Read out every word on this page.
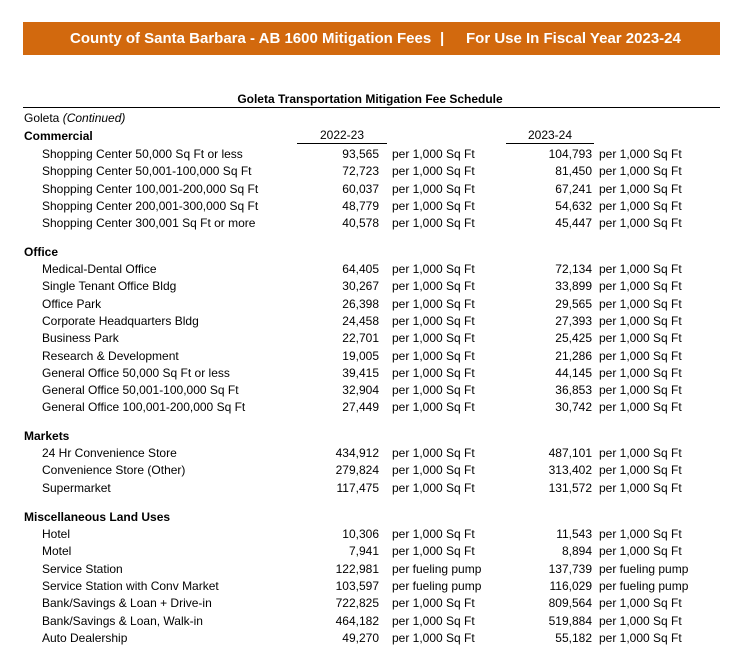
County of Santa Barbara - AB 1600 Mitigation Fees | For Use In Fiscal Year 2023-24
Goleta Transportation Mitigation Fee Schedule
Goleta (Continued)
2022-23	2023-24
Commercial
Shopping Center 50,000 Sq Ft or less	93,565 per 1,000 Sq Ft	104,793 per 1,000 Sq Ft
Shopping Center 50,001-100,000 Sq Ft	72,723 per 1,000 Sq Ft	81,450 per 1,000 Sq Ft
Shopping Center 100,001-200,000 Sq Ft	60,037 per 1,000 Sq Ft	67,241 per 1,000 Sq Ft
Shopping Center 200,001-300,000 Sq Ft	48,779 per 1,000 Sq Ft	54,632 per 1,000 Sq Ft
Shopping Center 300,001 Sq Ft or more	40,578 per 1,000 Sq Ft	45,447 per 1,000 Sq Ft
Office
Medical-Dental Office	64,405 per 1,000 Sq Ft	72,134 per 1,000 Sq Ft
Single Tenant Office Bldg	30,267 per 1,000 Sq Ft	33,899 per 1,000 Sq Ft
Office Park	26,398 per 1,000 Sq Ft	29,565 per 1,000 Sq Ft
Corporate Headquarters Bldg	24,458 per 1,000 Sq Ft	27,393 per 1,000 Sq Ft
Business Park	22,701 per 1,000 Sq Ft	25,425 per 1,000 Sq Ft
Research & Development	19,005 per 1,000 Sq Ft	21,286 per 1,000 Sq Ft
General Office 50,000 Sq Ft or less	39,415 per 1,000 Sq Ft	44,145 per 1,000 Sq Ft
General Office 50,001-100,000 Sq Ft	32,904 per 1,000 Sq Ft	36,853 per 1,000 Sq Ft
General Office 100,001-200,000 Sq Ft	27,449 per 1,000 Sq Ft	30,742 per 1,000 Sq Ft
Markets
24 Hr Convenience Store	434,912 per 1,000 Sq Ft	487,101 per 1,000 Sq Ft
Convenience Store (Other)	279,824 per 1,000 Sq Ft	313,402 per 1,000 Sq Ft
Supermarket	117,475 per 1,000 Sq Ft	131,572 per 1,000 Sq Ft
Miscellaneous Land Uses
Hotel	10,306 per 1,000 Sq Ft	11,543 per 1,000 Sq Ft
Motel	7,941 per 1,000 Sq Ft	8,894 per 1,000 Sq Ft
Service Station	122,981 per fueling pump	137,739 per fueling pump
Service Station with Conv Market	103,597 per fueling pump	116,029 per fueling pump
Bank/Savings & Loan + Drive-in	722,825 per 1,000 Sq Ft	809,564 per 1,000 Sq Ft
Bank/Savings & Loan, Walk-in	464,182 per 1,000 Sq Ft	519,884 per 1,000 Sq Ft
Auto Dealership	49,270 per 1,000 Sq Ft	55,182 per 1,000 Sq Ft
